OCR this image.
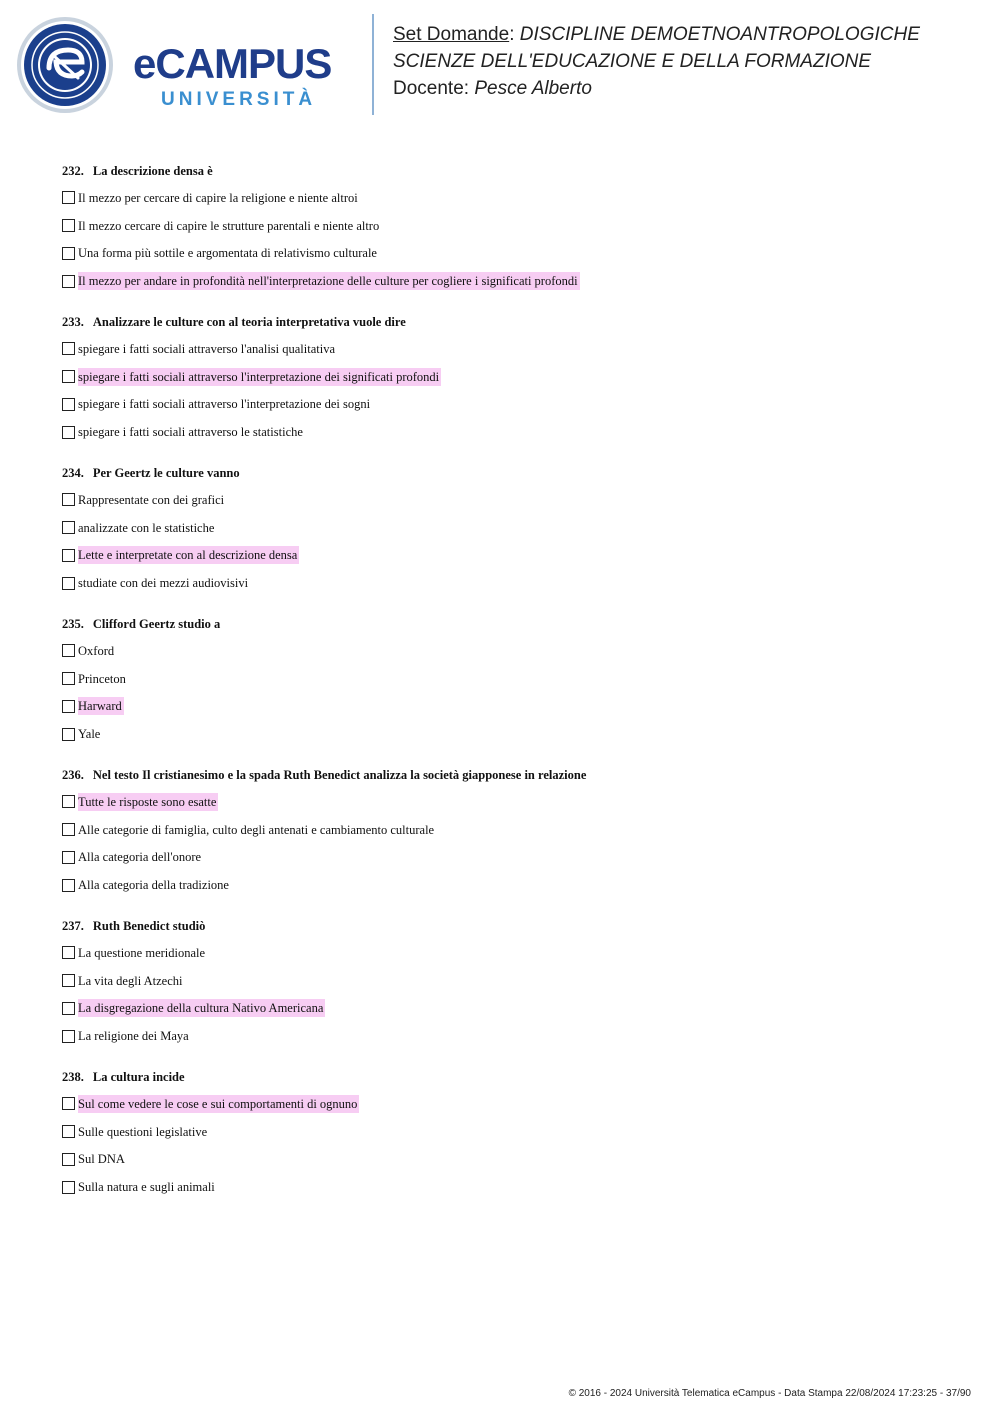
eCAMPUS
UNIVERSITÀ
Set Domande: DISCIPLINE DEMOETNOANTROPOLOGICHE
SCIENZE DELL'EDUCAZIONE E DELLA FORMAZIONE
Docente: Pesce Alberto
232. La descrizione densa è
Il mezzo per cercare di capire la religione e niente altroi
Il mezzo cercare di capire le strutture parentali e niente altro
Una forma più sottile e argomentata di relativismo culturale
Il mezzo per andare in profondità nell'interpretazione delle culture per cogliere i significati profondi
233. Analizzare le culture con al teoria interpretativa vuole dire
spiegare i fatti sociali attraverso l'analisi qualitativa
spiegare i fatti sociali attraverso l'interpretazione dei significati profondi
spiegare i fatti sociali attraverso l'interpretazione dei sogni
spiegare i fatti sociali attraverso le statistiche
234. Per Geertz le culture vanno
Rappresentate con dei grafici
analizzate con le statistiche
Lette e interpretate con al descrizione densa
studiate con dei mezzi audiovisivi
235. Clifford Geertz studio a
Oxford
Princeton
Harward
Yale
236. Nel testo Il cristianesimo e la spada Ruth Benedict analizza la società giapponese in relazione
Tutte le risposte sono esatte
Alle categorie di famiglia, culto degli antenati e cambiamento culturale
Alla categoria dell'onore
Alla categoria della tradizione
237. Ruth Benedict studiò
La questione meridionale
La vita degli Atzechi
La disgregazione della cultura Nativo Americana
La religione dei Maya
238. La cultura incide
Sul come vedere le cose e sui comportamenti di ognuno
Sulle questioni legislative
Sul DNA
Sulla natura e sugli animali
© 2016 - 2024 Università Telematica eCampus - Data Stampa 22/08/2024 17:23:25 - 37/90
